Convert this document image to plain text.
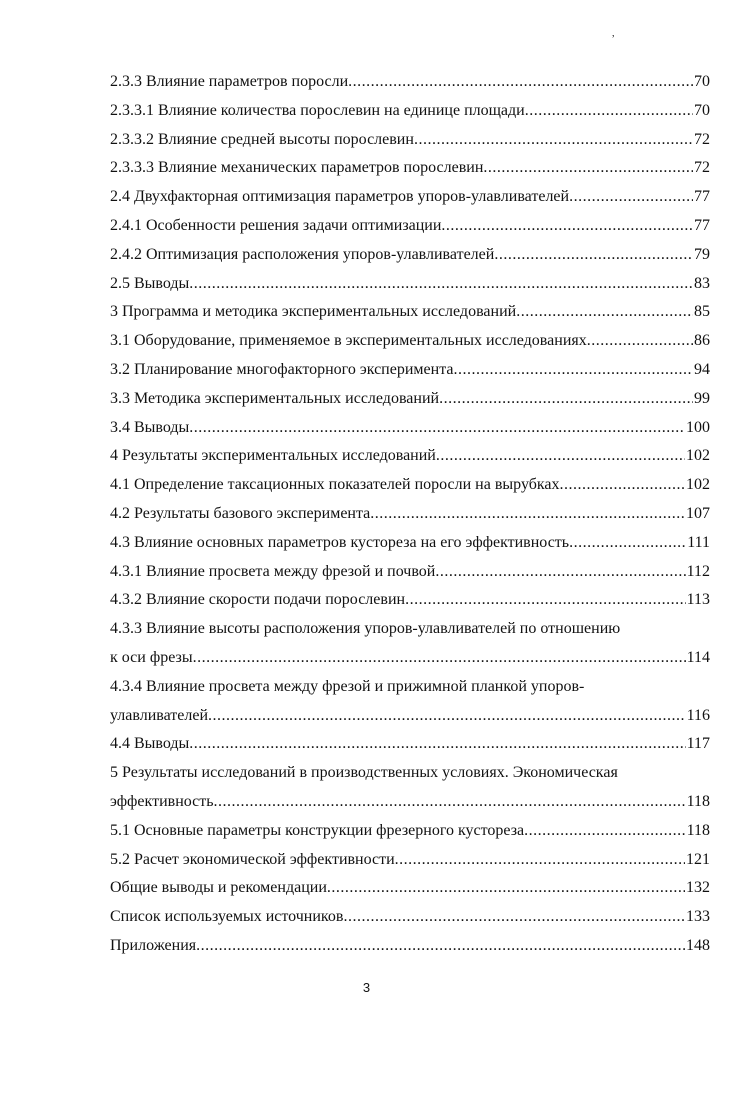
,
2.3.3 Влияние параметров поросли .....	70
2.3.3.1 Влияние количества порослевин на единице площади .....	70
2.3.3.2 Влияние средней высоты порослевин .....	72
2.3.3.3 Влияние механических параметров порослевин .....	72
2.4 Двухфакторная оптимизация параметров упоров-улавливателей .....	77
2.4.1 Особенности решения задачи оптимизации .....	77
2.4.2 Оптимизация расположения упоров-улавливателей .....	79
2.5 Выводы .....	83
3 Программа и методика экспериментальных исследований .....	85
3.1 Оборудование, применяемое в экспериментальных исследованиях .....	86
3.2 Планирование многофакторного эксперимента .....	94
3.3 Методика экспериментальных исследований .....	99
3.4 Выводы .....	100
4 Результаты экспериментальных исследований .....	102
4.1 Определение таксационных показателей поросли на вырубках .....	102
4.2 Результаты базового эксперимента .....	107
4.3 Влияние основных параметров кустореза на его эффективность .....	111
4.3.1 Влияние просвета между фрезой и почвой .....	112
4.3.2 Влияние скорости подачи порослевин .....	113
4.3.3 Влияние высоты расположения упоров-улавливателей по отношению
к оси фрезы .....	114
4.3.4 Влияние просвета между фрезой и прижимной планкой упоров-
улавливателей .....	116
4.4 Выводы .....	117
5 Результаты исследований в производственных условиях. Экономическая
эффективность .....	118
5.1 Основные параметры конструкции фрезерного кустореза .....	118
5.2 Расчет экономической эффективности .....	121
Общие выводы и рекомендации .....	132
Список используемых источников .....	133
Приложения .....	148
3
